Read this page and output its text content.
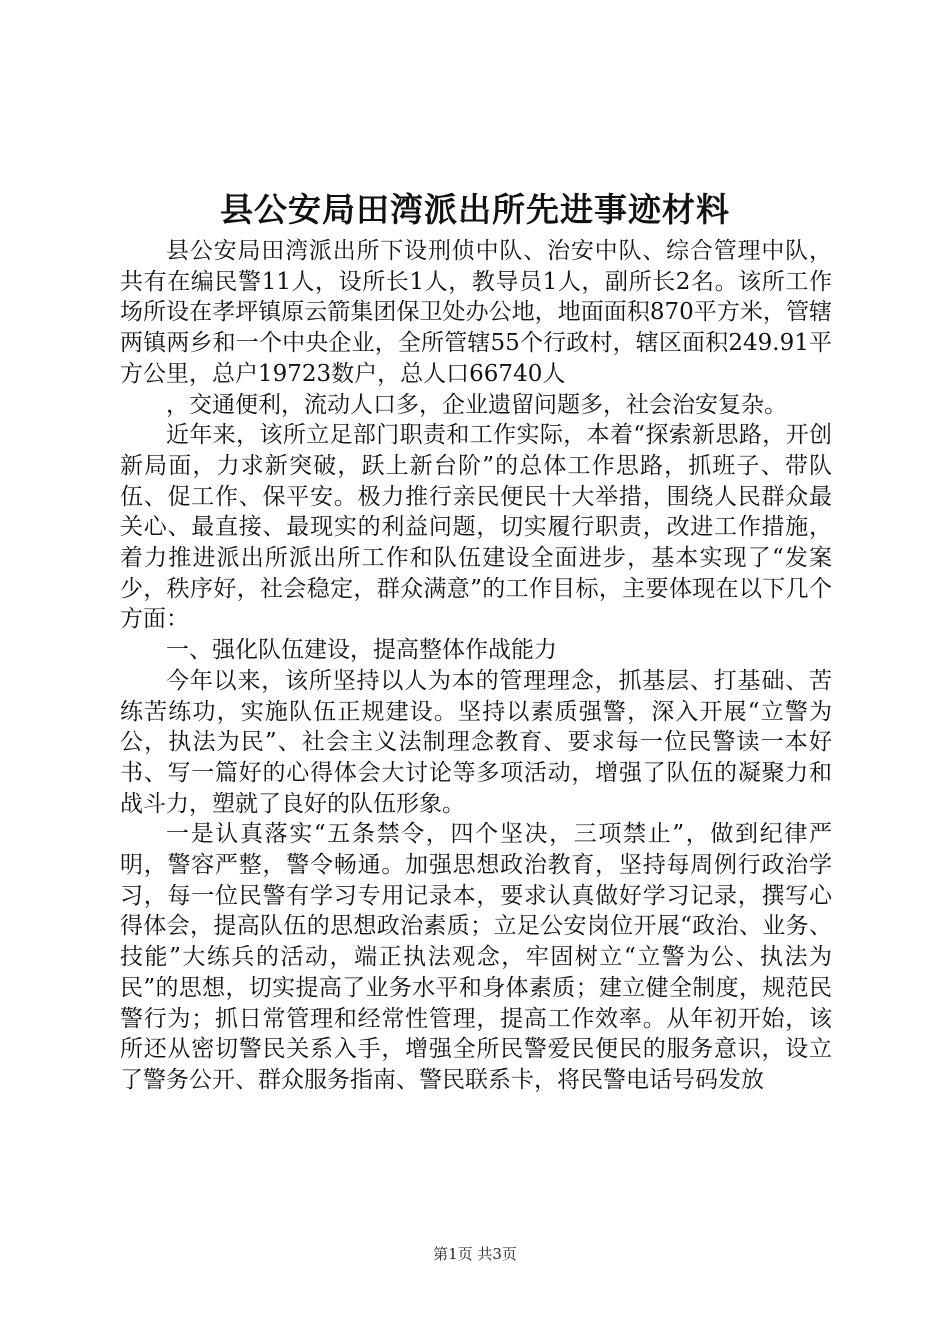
县公安局田湾派出所先进事迹材料

县公安局田湾派出所下设刑侦中队、治安中队、综合管理中队，共有在编民警11人，设所长1人，教导员1人，副所长2名。该所工作场所设在孝坪镇原云箭集团保卫处办公地，地面面积870平方米，管辖两镇两乡和一个中央企业，全所管辖55个行政村，辖区面积249.91平方公里，总户19723数户，总人口66740人

，交通便利，流动人口多，企业遗留问题多，社会治安复杂。

近年来，该所立足部门职责和工作实际，本着“探索新思路，开创新局面，力求新突破，跃上新台阶”的总体工作思路，抓班子、带队伍、促工作、保平安。极力推行亲民便民十大举措，围绕人民群众最关心、最直接、最现实的利益问题，切实履行职责，改进工作措施，着力推进派出所派出所工作和队伍建设全面进步，基本实现了“发案少，秩序好，社会稳定，群众满意”的工作目标，主要体现在以下几个方面：

一、强化队伍建设，提高整体作战能力

今年以来，该所坚持以人为本的管理理念，抓基层、打基础、苦练苦练功，实施队伍正规建设。坚持以素质强警，深入开展“立警为公，执法为民”、社会主义法制理念教育、要求每一位民警读一本好书、写一篇好的心得体会大讨论等多项活动，增强了队伍的凝聚力和战斗力，塑就了良好的队伍形象。

一是认真落实“五条禁令，四个坚决，三项禁止”，做到纪律严明，警容严整，警令畅通。加强思想政治教育，坚持每周例行政治学习，每一位民警有学习专用记录本，要求认真做好学习记录，撰写心得体会，提高队伍的思想政治素质；立足公安岗位开展“政治、业务、技能”大练兵的活动，端正执法观念，牢固树立“立警为公、执法为民”的思想，切实提高了业务水平和身体素质；建立健全制度，规范民警行为；抓日常管理和经常性管理，提高工作效率。从年初开始，该所还从密切警民关系入手，增强全所民警爱民便民的服务意识，设立了警务公开、群众服务指南、警民联系卡，将民警电话号码发放

第1页 共3页
